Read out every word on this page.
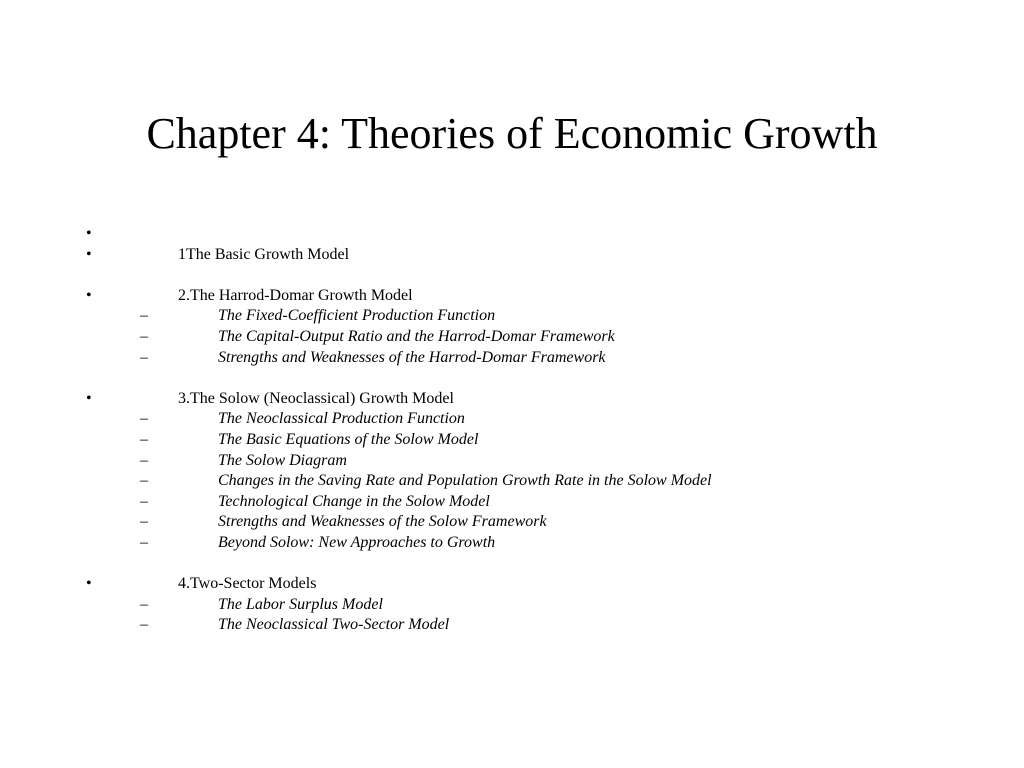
Chapter 4: Theories of Economic Growth
•
•	1The Basic Growth Model
•	2.The Harrod-Domar Growth Model
–	The Fixed-Coefficient Production Function
–	The Capital-Output Ratio and the Harrod-Domar Framework
–	Strengths and Weaknesses of the Harrod-Domar Framework
•	3.The Solow (Neoclassical) Growth Model
–	The Neoclassical Production Function
–	The Basic Equations of the Solow Model
–	The Solow Diagram
–	Changes in the Saving Rate and Population Growth Rate in the Solow Model
–	Technological Change in the Solow Model
–	Strengths and Weaknesses of the Solow Framework
–	Beyond Solow: New Approaches to Growth
•	4.Two-Sector Models
–	The Labor Surplus Model
–	The Neoclassical Two-Sector Model
